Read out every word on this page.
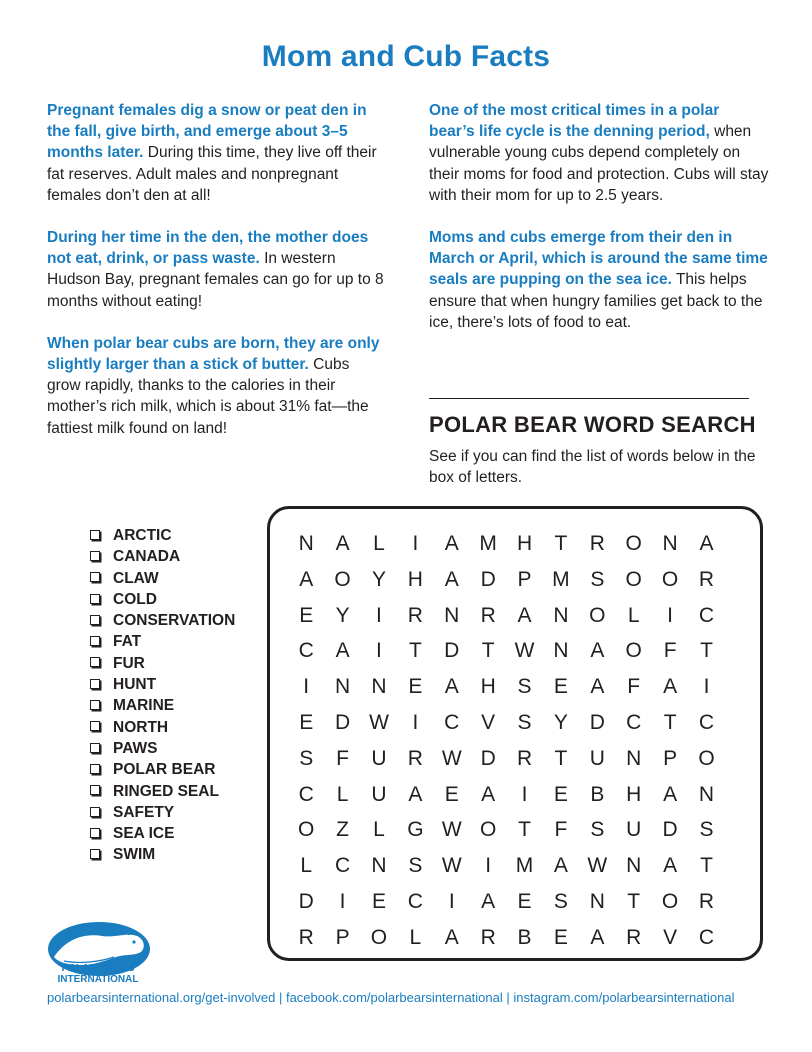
Mom and Cub Facts

Pregnant females dig a snow or peat den in the fall, give birth, and emerge about 3–5 months later. During this time, they live off their fat reserves. Adult males and nonpregnant females don’t den at all!

During her time in the den, the mother does not eat, drink, or pass waste. In western Hudson Bay, pregnant females can go for up to 8 months without eating!

When polar bear cubs are born, they are only slightly larger than a stick of butter. Cubs grow rapidly, thanks to the calories in their mother’s rich milk, which is about 31% fat—the fattiest milk found on land!

One of the most critical times in a polar bear’s life cycle is the denning period, when vulnerable young cubs depend completely on their moms for food and protection. Cubs will stay with their mom for up to 2.5 years.

Moms and cubs emerge from their den in March or April, which is around the same time seals are pupping on the sea ice. This helps ensure that when hungry families get back to the ice, there’s lots of food to eat.

POLAR BEAR WORD SEARCH

See if you can find the list of words below in the box of letters.

ARCTIC
CANADA
CLAW
COLD
CONSERVATION
FAT
FUR
HUNT
MARINE
NORTH
PAWS
POLAR BEAR
RINGED SEAL
SAFETY
SEA ICE
SWIM
N	A	L	I	A M H	T	R O N	A
A	O	Y	H	A	D	P M S	O O R
E	Y	I	R	N	R	A	N O	L	I	C
C	A	I	T	D	T W N	A	O	F	T
I	N	N	E	A	H	S	E	A	F	A	I
E	D W	I	C	V	S	Y	D	C	T	C
S	F	U	R W D	R	T	U	N	P	O
C	L	U	A	E	A	I	E	B	H	A	N
O	Z	L	G W O	T	F	S	U	D	S
L	C	N	S W	I	M A W N	A	T
D	I	E	C	I	A	E	S	N	T	O R
R	P	O	L	A	R	B	E	A	R	V	C
POLAR BEARS
INTERNATIONAL

polarbearsinternational.org/get-involved | facebook.com/polarbearsinternational | instagram.com/polarbearsinternational
